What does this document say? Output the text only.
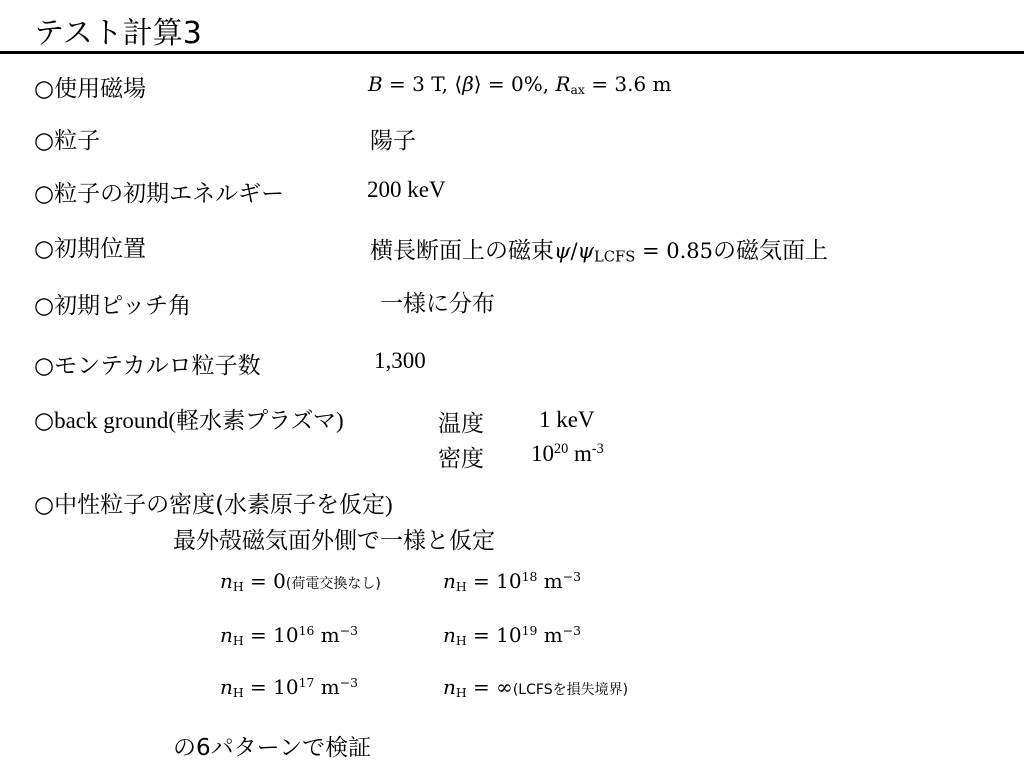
テスト計算3
○使用磁場	B = 3 T, ⟨β⟩ = 0%, $R_{ax} = 3.6$ m
○粒子	陽子
○粒子の初期エネルギー	200 keV
○初期位置	横長断面上の磁束$\psi/\psi_{LCFS} = 0.85$の磁気面上
○初期ピッチ角	一様に分布
○モンテカルロ粒子数	1,300
○back ground(軽水素プラズマ)	温度 1 keV
密度 $10^{20}$ $m^{-3}$
○中性粒子の密度(水素原子を仮定)
最外殻磁気面外側で一様と仮定
$n_H = 0$(荷電交換なし)	$n_H = 10^{18}$ $m^{-3}$
$n_H = 10^{16}$ $m^{-3}$	$n_H = 10^{19}$ $m^{-3}$
$n_H = 10^{17}$ $m^{-3}$	$n_H$ = ∞(LCFSを損失境界)
の6パターンで検証
